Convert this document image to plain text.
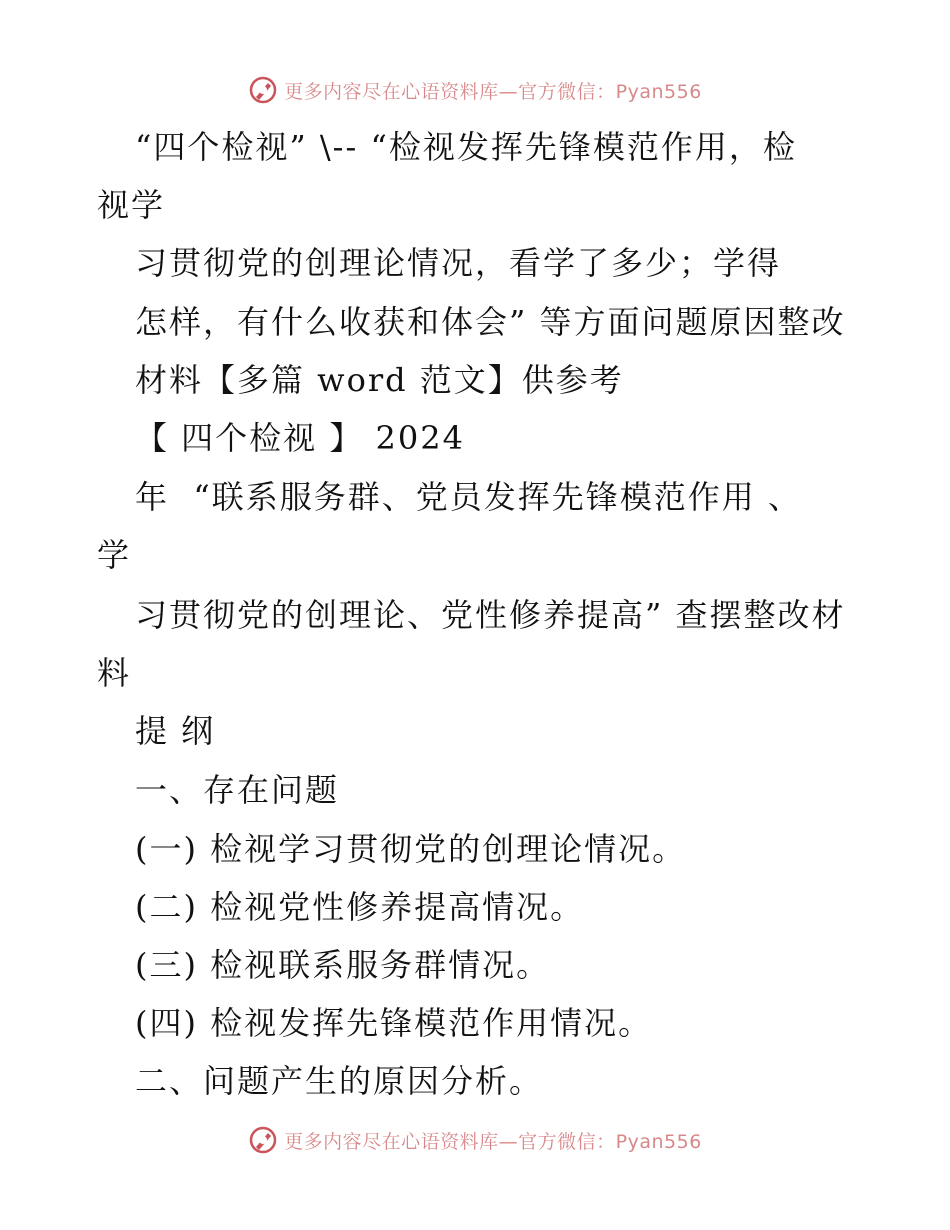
更多内容尽在心语资料库—官方微信：Pyan556
“四个检视” \-- “检视发挥先锋模范作用，检
视学
习贯彻党的创理论情况，看学了多少；学得
怎样，有什么收获和体会” 等方面问题原因整改
材料【多篇 word 范文】供参考
【 四个检视 】 2024
年  “联系服务群、党员发挥先锋模范作用 、
学
习贯彻党的创理论、党性修养提高” 查摆整改材
料
提 纲
一、存在问题
(一) 检视学习贯彻党的创理论情况。
(二) 检视党性修养提高情况。
(三) 检视联系服务群情况。
(四) 检视发挥先锋模范作用情况。
二、问题产生的原因分析。
更多内容尽在心语资料库—官方微信：Pyan556
